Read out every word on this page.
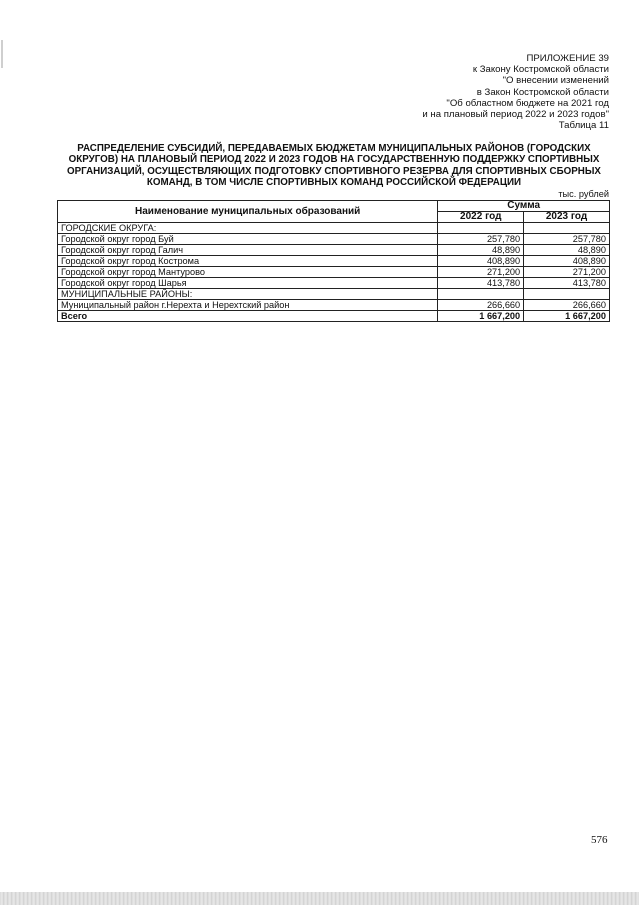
ПРИЛОЖЕНИЕ 39
к Закону Костромской области
"О внесении изменений
в Закон Костромской области
"Об областном бюджете на 2021 год
и на плановый период 2022 и 2023 годов"
Таблица 11
РАСПРЕДЕЛЕНИЕ СУБСИДИЙ, ПЕРЕДАВАЕМЫХ БЮДЖЕТАМ МУНИЦИПАЛЬНЫХ РАЙОНОВ (ГОРОДСКИХ
ОКРУГОВ) НА ПЛАНОВЫЙ ПЕРИОД 2022 И 2023 ГОДОВ НА ГОСУДАРСТВЕННУЮ ПОДДЕРЖКУ СПОРТИВНЫХ
ОРГАНИЗАЦИЙ, ОСУЩЕСТВЛЯЮЩИХ ПОДГОТОВКУ СПОРТИВНОГО РЕЗЕРВА ДЛЯ СПОРТИВНЫХ СБОРНЫХ
КОМАНД, В ТОМ ЧИСЛЕ СПОРТИВНЫХ КОМАНД РОССИЙСКОЙ ФЕДЕРАЦИИ
тыс. рублей
Наименование муниципальных образований	Сумма	
	2022 год	2023 год
ГОРОДСКИЕ ОКРУГА:		
Городской округ город Буй	257,780	257,780
Городской округ город Галич	48,890	48,890
Городской округ город Кострома	408,890	408,890
Городской округ город Мантурово	271,200	271,200
Городской округ город Шарья	413,780	413,780
МУНИЦИПАЛЬНЫЕ РАЙОНЫ:		
Муниципальный район г.Нерехта и Нерехтский район	266,660	266,660
Всего	1 667,200	1 667,200
576
